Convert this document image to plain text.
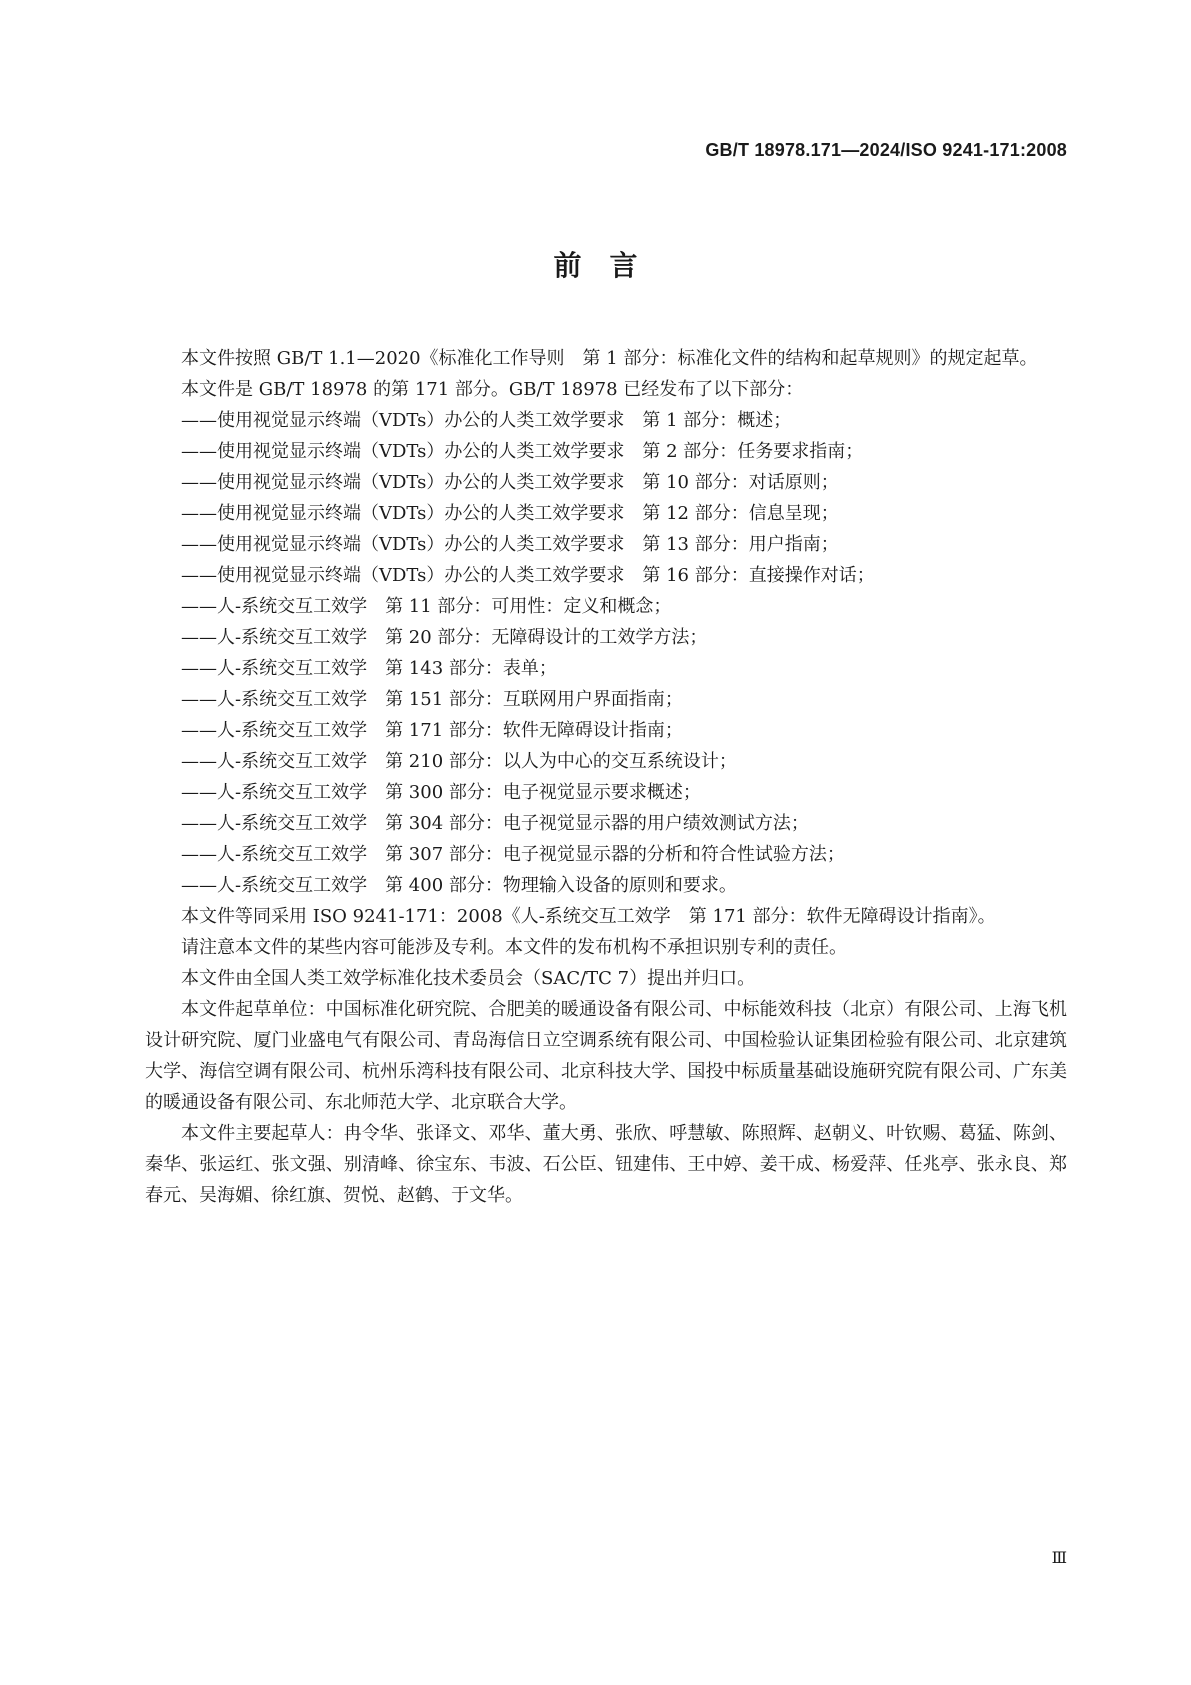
GB/T 18978.171—2024/ISO 9241-171:2008
前言

本文件按照 GB/T 1.1—2020《标准化工作导则　第 1 部分：标准化文件的结构和起草规则》的规定起草。

本文件是 GB/T 18978 的第 171 部分。GB/T 18978 已经发布了以下部分：

——使用视觉显示终端（VDTs）办公的人类工效学要求　第 1 部分：概述；

——使用视觉显示终端（VDTs）办公的人类工效学要求　第 2 部分：任务要求指南；

——使用视觉显示终端（VDTs）办公的人类工效学要求　第 10 部分：对话原则；

——使用视觉显示终端（VDTs）办公的人类工效学要求　第 12 部分：信息呈现；

——使用视觉显示终端（VDTs）办公的人类工效学要求　第 13 部分：用户指南；

——使用视觉显示终端（VDTs）办公的人类工效学要求　第 16 部分：直接操作对话；

——人-系统交互工效学　第 11 部分：可用性：定义和概念；

——人-系统交互工效学　第 20 部分：无障碍设计的工效学方法；

——人-系统交互工效学　第 143 部分：表单；

——人-系统交互工效学　第 151 部分：互联网用户界面指南；

——人-系统交互工效学　第 171 部分：软件无障碍设计指南；

——人-系统交互工效学　第 210 部分：以人为中心的交互系统设计；

——人-系统交互工效学　第 300 部分：电子视觉显示要求概述；

——人-系统交互工效学　第 304 部分：电子视觉显示器的用户绩效测试方法；

——人-系统交互工效学　第 307 部分：电子视觉显示器的分析和符合性试验方法；

——人-系统交互工效学　第 400 部分：物理输入设备的原则和要求。

本文件等同采用 ISO 9241-171：2008《人-系统交互工效学　第 171 部分：软件无障碍设计指南》。

请注意本文件的某些内容可能涉及专利。本文件的发布机构不承担识别专利的责任。

本文件由全国人类工效学标准化技术委员会（SAC/TC 7）提出并归口。

本文件起草单位：中国标准化研究院、合肥美的暖通设备有限公司、中标能效科技（北京）有限公司、上海飞机设计研究院、厦门业盛电气有限公司、青岛海信日立空调系统有限公司、中国检验认证集团检验有限公司、北京建筑大学、海信空调有限公司、杭州乐湾科技有限公司、北京科技大学、国投中标质量基础设施研究院有限公司、广东美的暖通设备有限公司、东北师范大学、北京联合大学。

本文件主要起草人：冉令华、张译文、邓华、董大勇、张欣、呼慧敏、陈照辉、赵朝义、叶钦赐、葛猛、陈剑、秦华、张运红、张文强、别清峰、徐宝东、韦波、石公臣、钮建伟、王中婷、姜干成、杨爱萍、任兆亭、张永良、郑春元、吴海媚、徐红旗、贺悦、赵鹤、于文华。

Ⅲ
